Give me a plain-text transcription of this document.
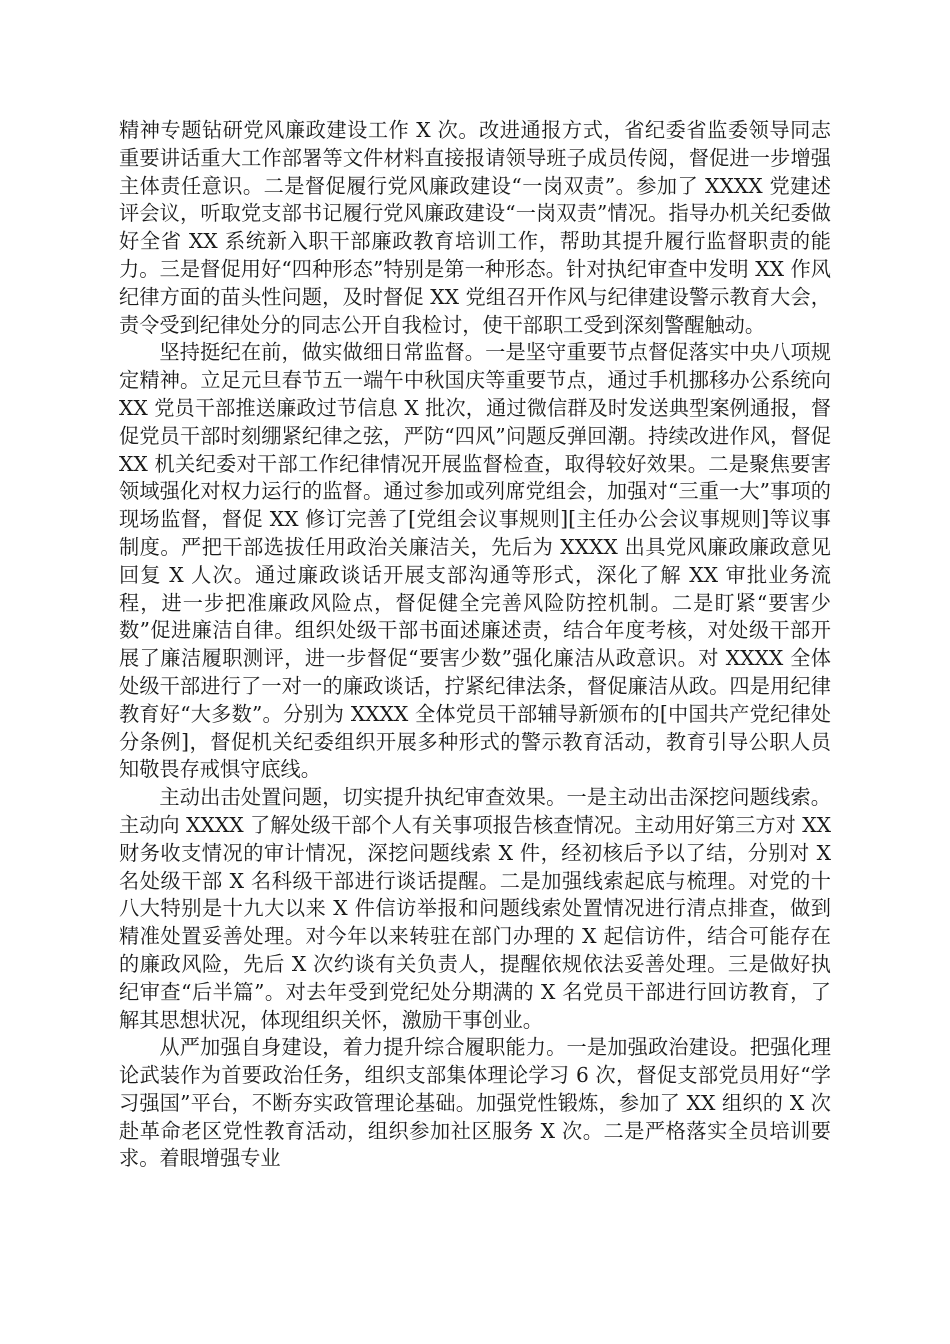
精神专题钻研党风廉政建设工作 X 次。改进通报方式，省纪委省监委领导同志重要讲话重大工作部署等文件材料直接报请领导班子成员传阅，督促进一步增强主体责任意识。二是督促履行党风廉政建设“一岗双责”。参加了 XXXX 党建述评会议，听取党支部书记履行党风廉政建设“一岗双责”情况。指导办机关纪委做好全省 XX 系统新入职干部廉政教育培训工作，帮助其提升履行监督职责的能力。三是督促用好“四种形态”特别是第一种形态。针对执纪审查中发明 XX 作风纪律方面的苗头性问题，及时督促 XX 党组召开作风与纪律建设警示教育大会，责令受到纪律处分的同志公开自我检讨，使干部职工受到深刻警醒触动。

坚持挺纪在前，做实做细日常监督。一是坚守重要节点督促落实中央八项规定精神。立足元旦春节五一端午中秋国庆等重要节点，通过手机挪移办公系统向 XX 党员干部推送廉政过节信息 X 批次，通过微信群及时发送典型案例通报，督促党员干部时刻绷紧纪律之弦，严防“四风”问题反弹回潮。持续改进作风，督促 XX 机关纪委对干部工作纪律情况开展监督检查，取得较好效果。二是聚焦要害领域强化对权力运行的监督。通过参加或列席党组会，加强对“三重一大”事项的现场监督，督促 XX 修订完善了[党组会议事规则][主任办公会议事规则]等议事制度。严把干部选拔任用政治关廉洁关，先后为 XXXX 出具党风廉政廉政意见回复 X 人次。通过廉政谈话开展支部沟通等形式，深化了解 XX 审批业务流程，进一步把准廉政风险点，督促健全完善风险防控机制。二是盯紧“要害少数”促进廉洁自律。组织处级干部书面述廉述责，结合年度考核，对处级干部开展了廉洁履职测评，进一步督促“要害少数”强化廉洁从政意识。对 XXXX 全体处级干部进行了一对一的廉政谈话，拧紧纪律法条，督促廉洁从政。四是用纪律教育好“大多数”。分别为 XXXX 全体党员干部辅导新颁布的[中国共产党纪律处分条例]，督促机关纪委组织开展多种形式的警示教育活动，教育引导公职人员知敬畏存戒惧守底线。

主动出击处置问题，切实提升执纪审查效果。一是主动出击深挖问题线索。主动向 XXXX 了解处级干部个人有关事项报告核查情况。主动用好第三方对 XX 财务收支情况的审计情况，深挖问题线索 X 件，经初核后予以了结，分别对 X 名处级干部 X 名科级干部进行谈话提醒。二是加强线索起底与梳理。对党的十八大特别是十九大以来 X 件信访举报和问题线索处置情况进行清点排查，做到精准处置妥善处理。对今年以来转驻在部门办理的 X 起信访件，结合可能存在的廉政风险，先后 X 次约谈有关负责人，提醒依规依法妥善处理。三是做好执纪审查“后半篇”。对去年受到党纪处分期满的 X 名党员干部进行回访教育，了解其思想状况，体现组织关怀，激励干事创业。

从严加强自身建设，着力提升综合履职能力。一是加强政治建设。把强化理论武装作为首要政治任务，组织支部集体理论学习 6 次，督促支部党员用好“学习强国”平台，不断夯实政管理论基础。加强党性锻炼，参加了 XX 组织的 X 次赴革命老区党性教育活动，组织参加社区服务 X 次。二是严格落实全员培训要求。着眼增强专业
